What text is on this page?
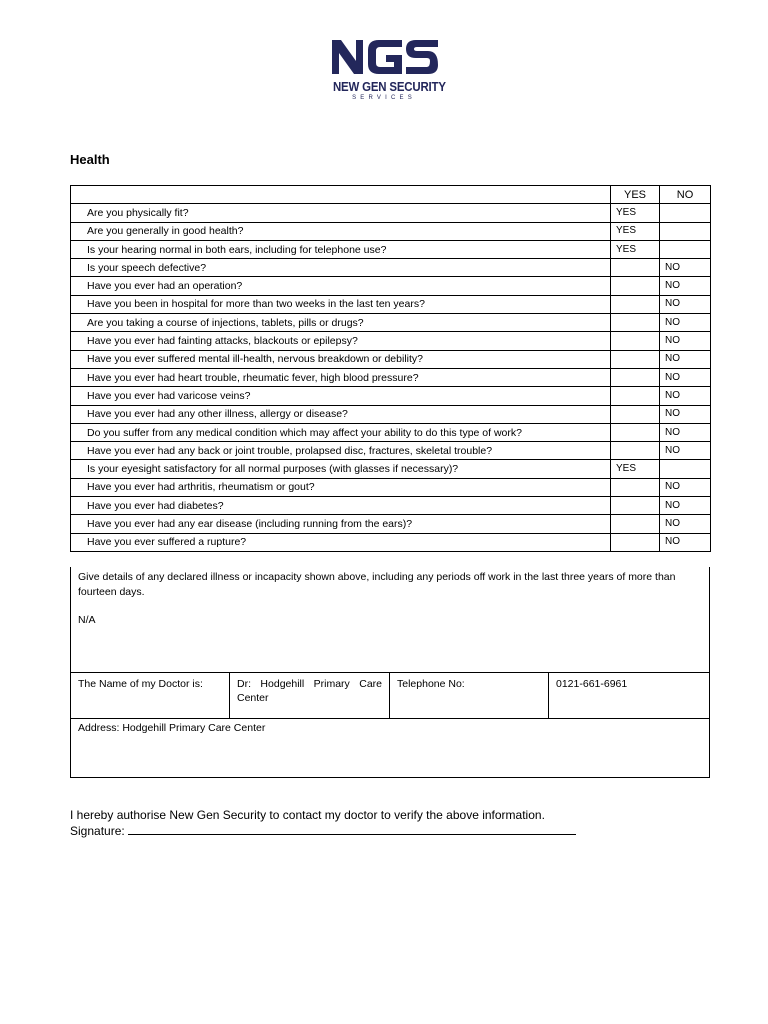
NEW GEN SECURITY
SERVICES
Health
	YES	NO
Are you physically fit?	YES	
Are you generally in good health?	YES	
Is your hearing normal in both ears, including for telephone use?	YES	
Is your speech defective?		NO
Have you ever had an operation?		NO
Have you been in hospital for more than two weeks in the last ten years?		NO
Are you taking a course of injections, tablets, pills or drugs?		NO
Have you ever had fainting attacks, blackouts or epilepsy?		NO
Have you ever suffered mental ill-health, nervous breakdown or debility?		NO
Have you ever had heart trouble, rheumatic fever, high blood pressure?		NO
Have you ever had varicose veins?		NO
Have you ever had any other illness, allergy or disease?		NO
Do you suffer from any medical condition which may affect your ability to do this type of work?		NO
Have you ever had any back or joint trouble, prolapsed disc, fractures, skeletal trouble?		NO
Is your eyesight satisfactory for all normal purposes (with glasses if necessary)?	YES	
Have you ever had arthritis, rheumatism or gout?		NO
Have you ever had diabetes?		NO
Have you ever had any ear disease (including running from the ears)?		NO
Have you ever suffered a rupture?		NO
Give details of any declared illness or incapacity shown above, including any periods off work in the last three years of more than fourteen days.
N/A
The Name of my Doctor is:	Dr: Hodgehill Primary Care Center
Telephone No:	0121-661-6961
Address: Hodgehill Primary Care Center
I hereby authorise New Gen Security to contact my doctor to verify the above information.
Signature:
